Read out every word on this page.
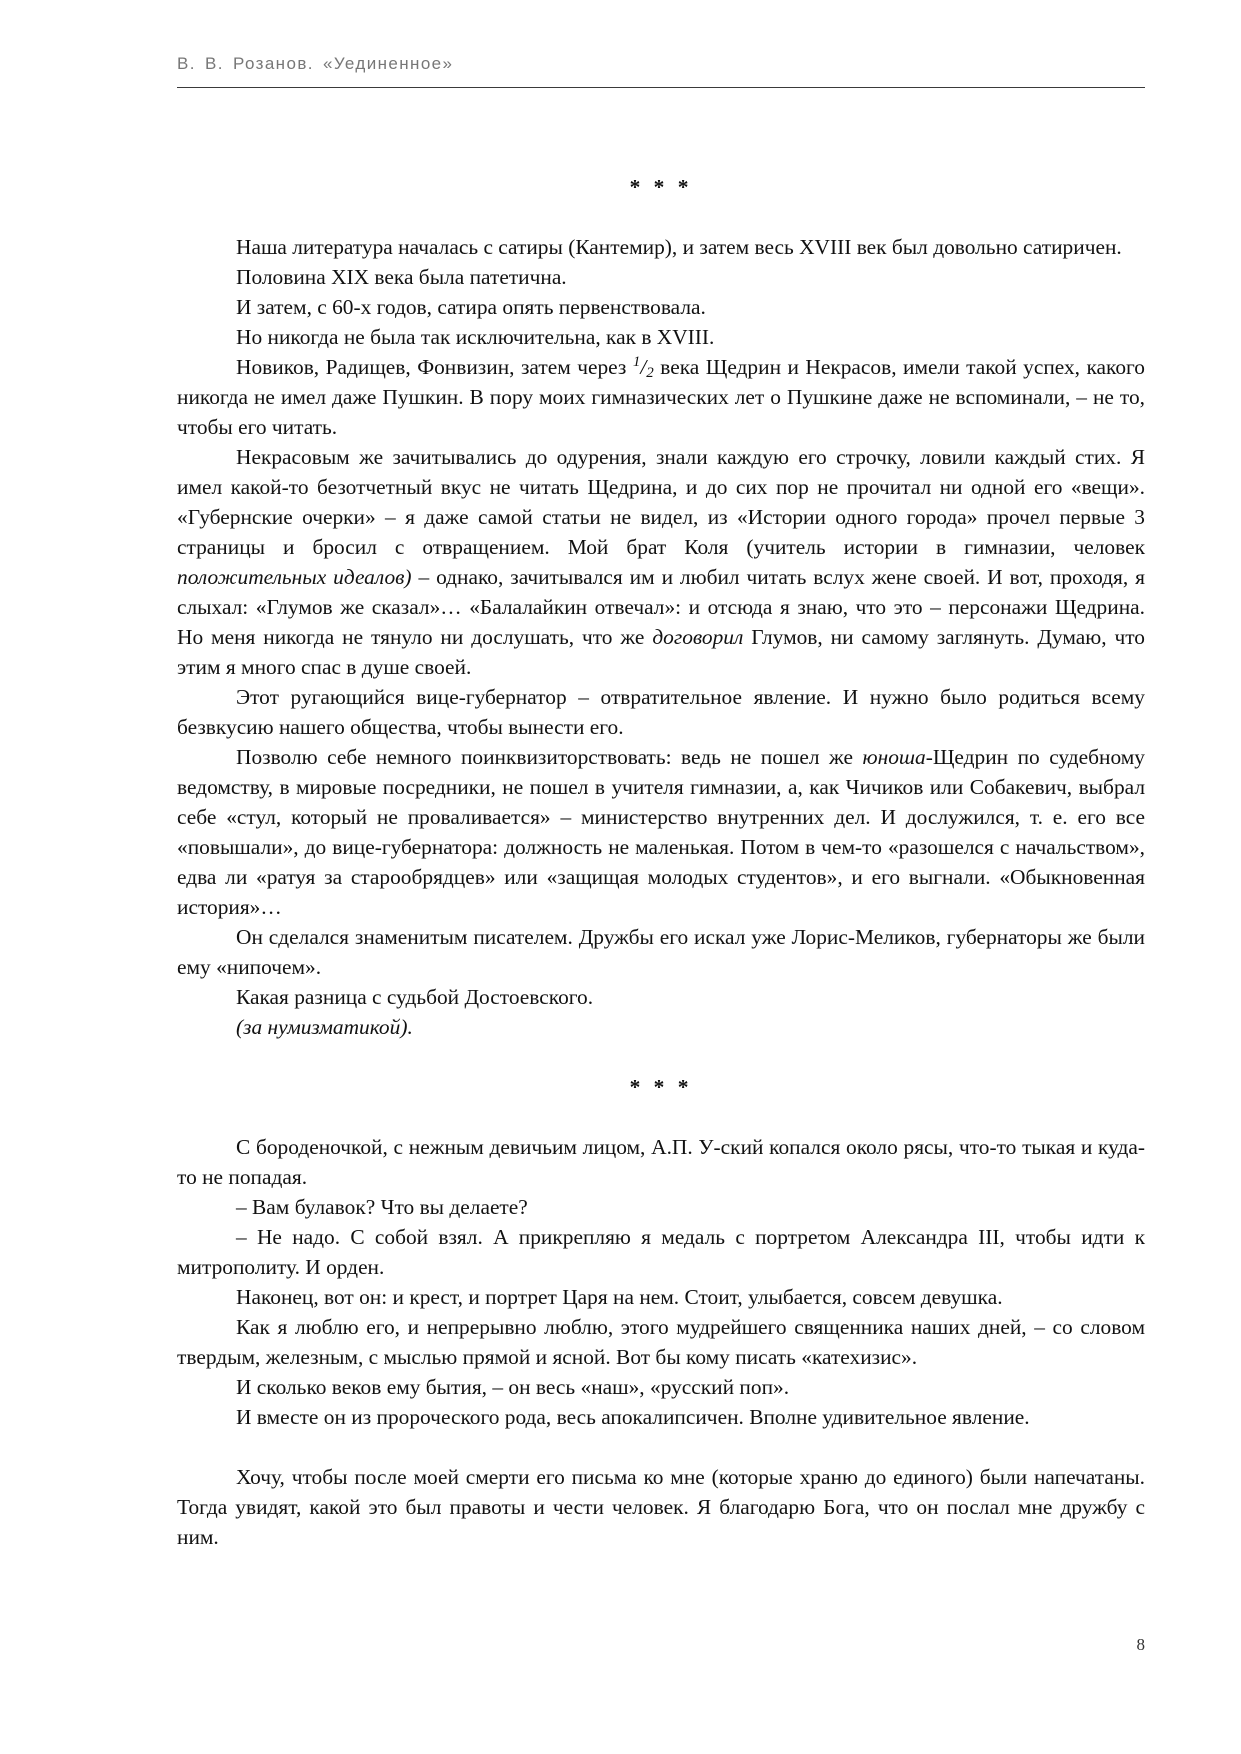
В. В. Розанов. «Уединенное»
* * *

Наша литература началась с сатиры (Кантемир), и затем весь XVIII век был довольно сатиричен.

Половина XIX века была патетична.

И затем, с 60-х годов, сатира опять первенствовала.

Но никогда не была так исключительна, как в XVIII.

Новиков, Радищев, Фонвизин, затем через $^1/_2$ века Щедрин и Некрасов, имели такой успех, какого никогда не имел даже Пушкин. В пору моих гимназических лет о Пушкине даже не вспоминали, – не то, чтобы его читать.

Некрасовым же зачитывались до одурения, знали каждую его строчку, ловили каждый стих. Я имел какой-то безотчетный вкус не читать Щедрина, и до сих пор не прочитал ни одной его «вещи». «Губернские очерки» – я даже самой статьи не видел, из «Истории одного города» прочел первые 3 страницы и бросил с отвращением. Мой брат Коля (учитель истории в гимназии, человек положительных идеалов) – однако, зачитывался им и любил читать вслух жене своей. И вот, проходя, я слыхал: «Глумов же сказал»… «Балалайкин отвечал»: и отсюда я знаю, что это – персонажи Щедрина. Но меня никогда не тянуло ни дослушать, что же договорил Глумов, ни самому заглянуть. Думаю, что этим я много спас в душе своей.

Этот ругающийся вице-губернатор – отвратительное явление. И нужно было родиться всему безвкусию нашего общества, чтобы вынести его.

Позволю себе немного поинквизиторствовать: ведь не пошел же юноша-Щедрин по судебному ведомству, в мировые посредники, не пошел в учителя гимназии, а, как Чичиков или Собакевич, выбрал себе «стул, который не проваливается» – министерство внутренних дел. И дослужился, т. е. его все «повышали», до вице-губернатора: должность не маленькая. Потом в чем-то «разошелся с начальством», едва ли «ратуя за старообрядцев» или «защищая молодых студентов», и его выгнали. «Обыкновенная история»…

Он сделался знаменитым писателем. Дружбы его искал уже Лорис-Меликов, губернаторы же были ему «нипочем».

Какая разница с судьбой Достоевского.

(за нумизматикой).

* * *

С бороденочкой, с нежным девичьим лицом, А.П. У-ский копался около рясы, что-то тыкая и куда-то не попадая.

– Вам булавок? Что вы делаете?

– Не надо. С собой взял. А прикрепляю я медаль с портретом Александра III, чтобы идти к митрополиту. И орден.

Наконец, вот он: и крест, и портрет Царя на нем. Стоит, улыбается, совсем девушка.

Как я люблю его, и непрерывно люблю, этого мудрейшего священника наших дней, – со словом твердым, железным, с мыслью прямой и ясной. Вот бы кому писать «катехизис».

И сколько веков ему бытия, – он весь «наш», «русский поп».

И вместе он из пророческого рода, весь апокалипсичен. Вполне удивительное явление.

Хочу, чтобы после моей смерти его письма ко мне (которые храню до единого) были напечатаны. Тогда увидят, какой это был правоты и чести человек. Я благодарю Бога, что он послал мне дружбу с ним.

8
